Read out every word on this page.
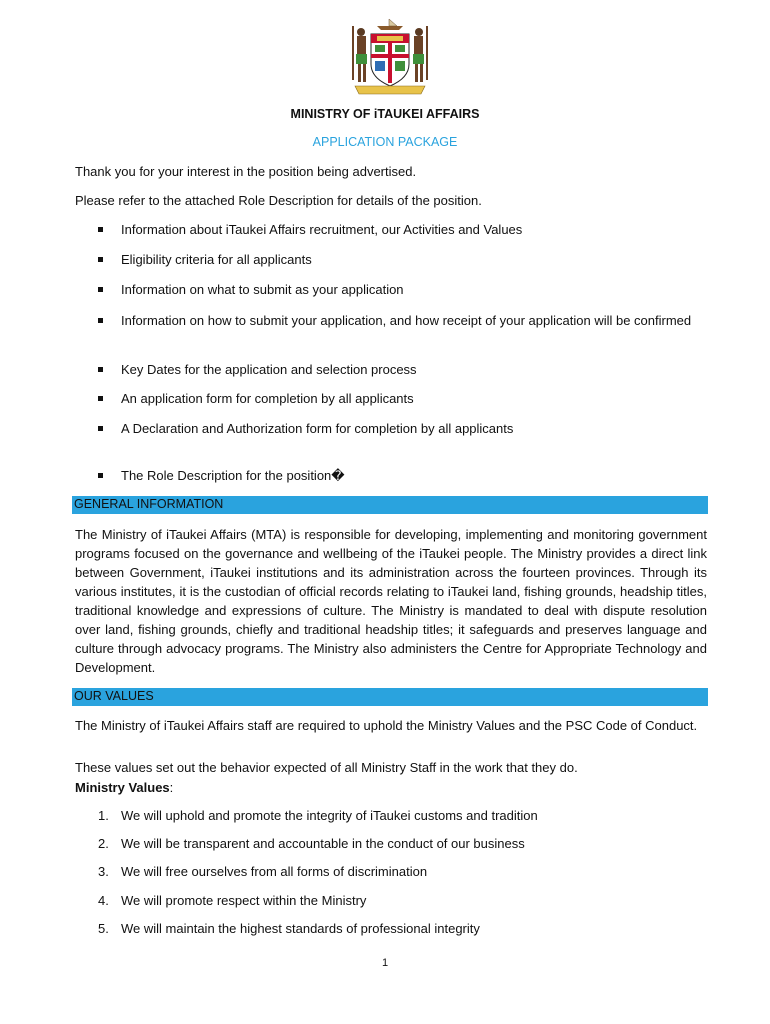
MINISTRY OF iTAUKEI AFFAIRS
APPLICATION PACKAGE
Thank you for your interest in the position being advertised.
Please refer to the attached Role Description for details of the position.
Information about iTaukei Affairs recruitment, our Activities and Values
Eligibility criteria for all applicants
Information on what to submit as your application
Information on how to submit your application, and how receipt of your application will be confirmed
Key Dates for the application and selection process
An application form for completion by all applicants
A Declaration and Authorization form for completion by all applicants
The Role Description for the position�
GENERAL INFORMATION
The Ministry of iTaukei Affairs (MTA) is responsible for developing, implementing and monitoring government programs focused on the governance and wellbeing of the iTaukei people. The Ministry provides a direct link between Government, iTaukei institutions and its administration across the fourteen provinces. Through its various institutes, it is the custodian of official records relating to iTaukei land, fishing grounds, headship titles, traditional knowledge and expressions of culture. The Ministry is mandated to deal with dispute resolution over land, fishing grounds, chiefly and traditional headship titles; it safeguards and preserves language and culture through advocacy programs. The Ministry also administers the Centre for Appropriate Technology and Development.
OUR VALUES
The Ministry of iTaukei Affairs staff are required to uphold the Ministry Values and the PSC Code of Conduct.
These values set out the behavior expected of all Ministry Staff in the work that they do.
Ministry Values:
1. We will uphold and promote the integrity of iTaukei customs and tradition
2. We will be transparent and accountable in the conduct of our business
3. We will free ourselves from all forms of discrimination
4. We will promote respect within the Ministry
5. We will maintain the highest standards of professional integrity
1
